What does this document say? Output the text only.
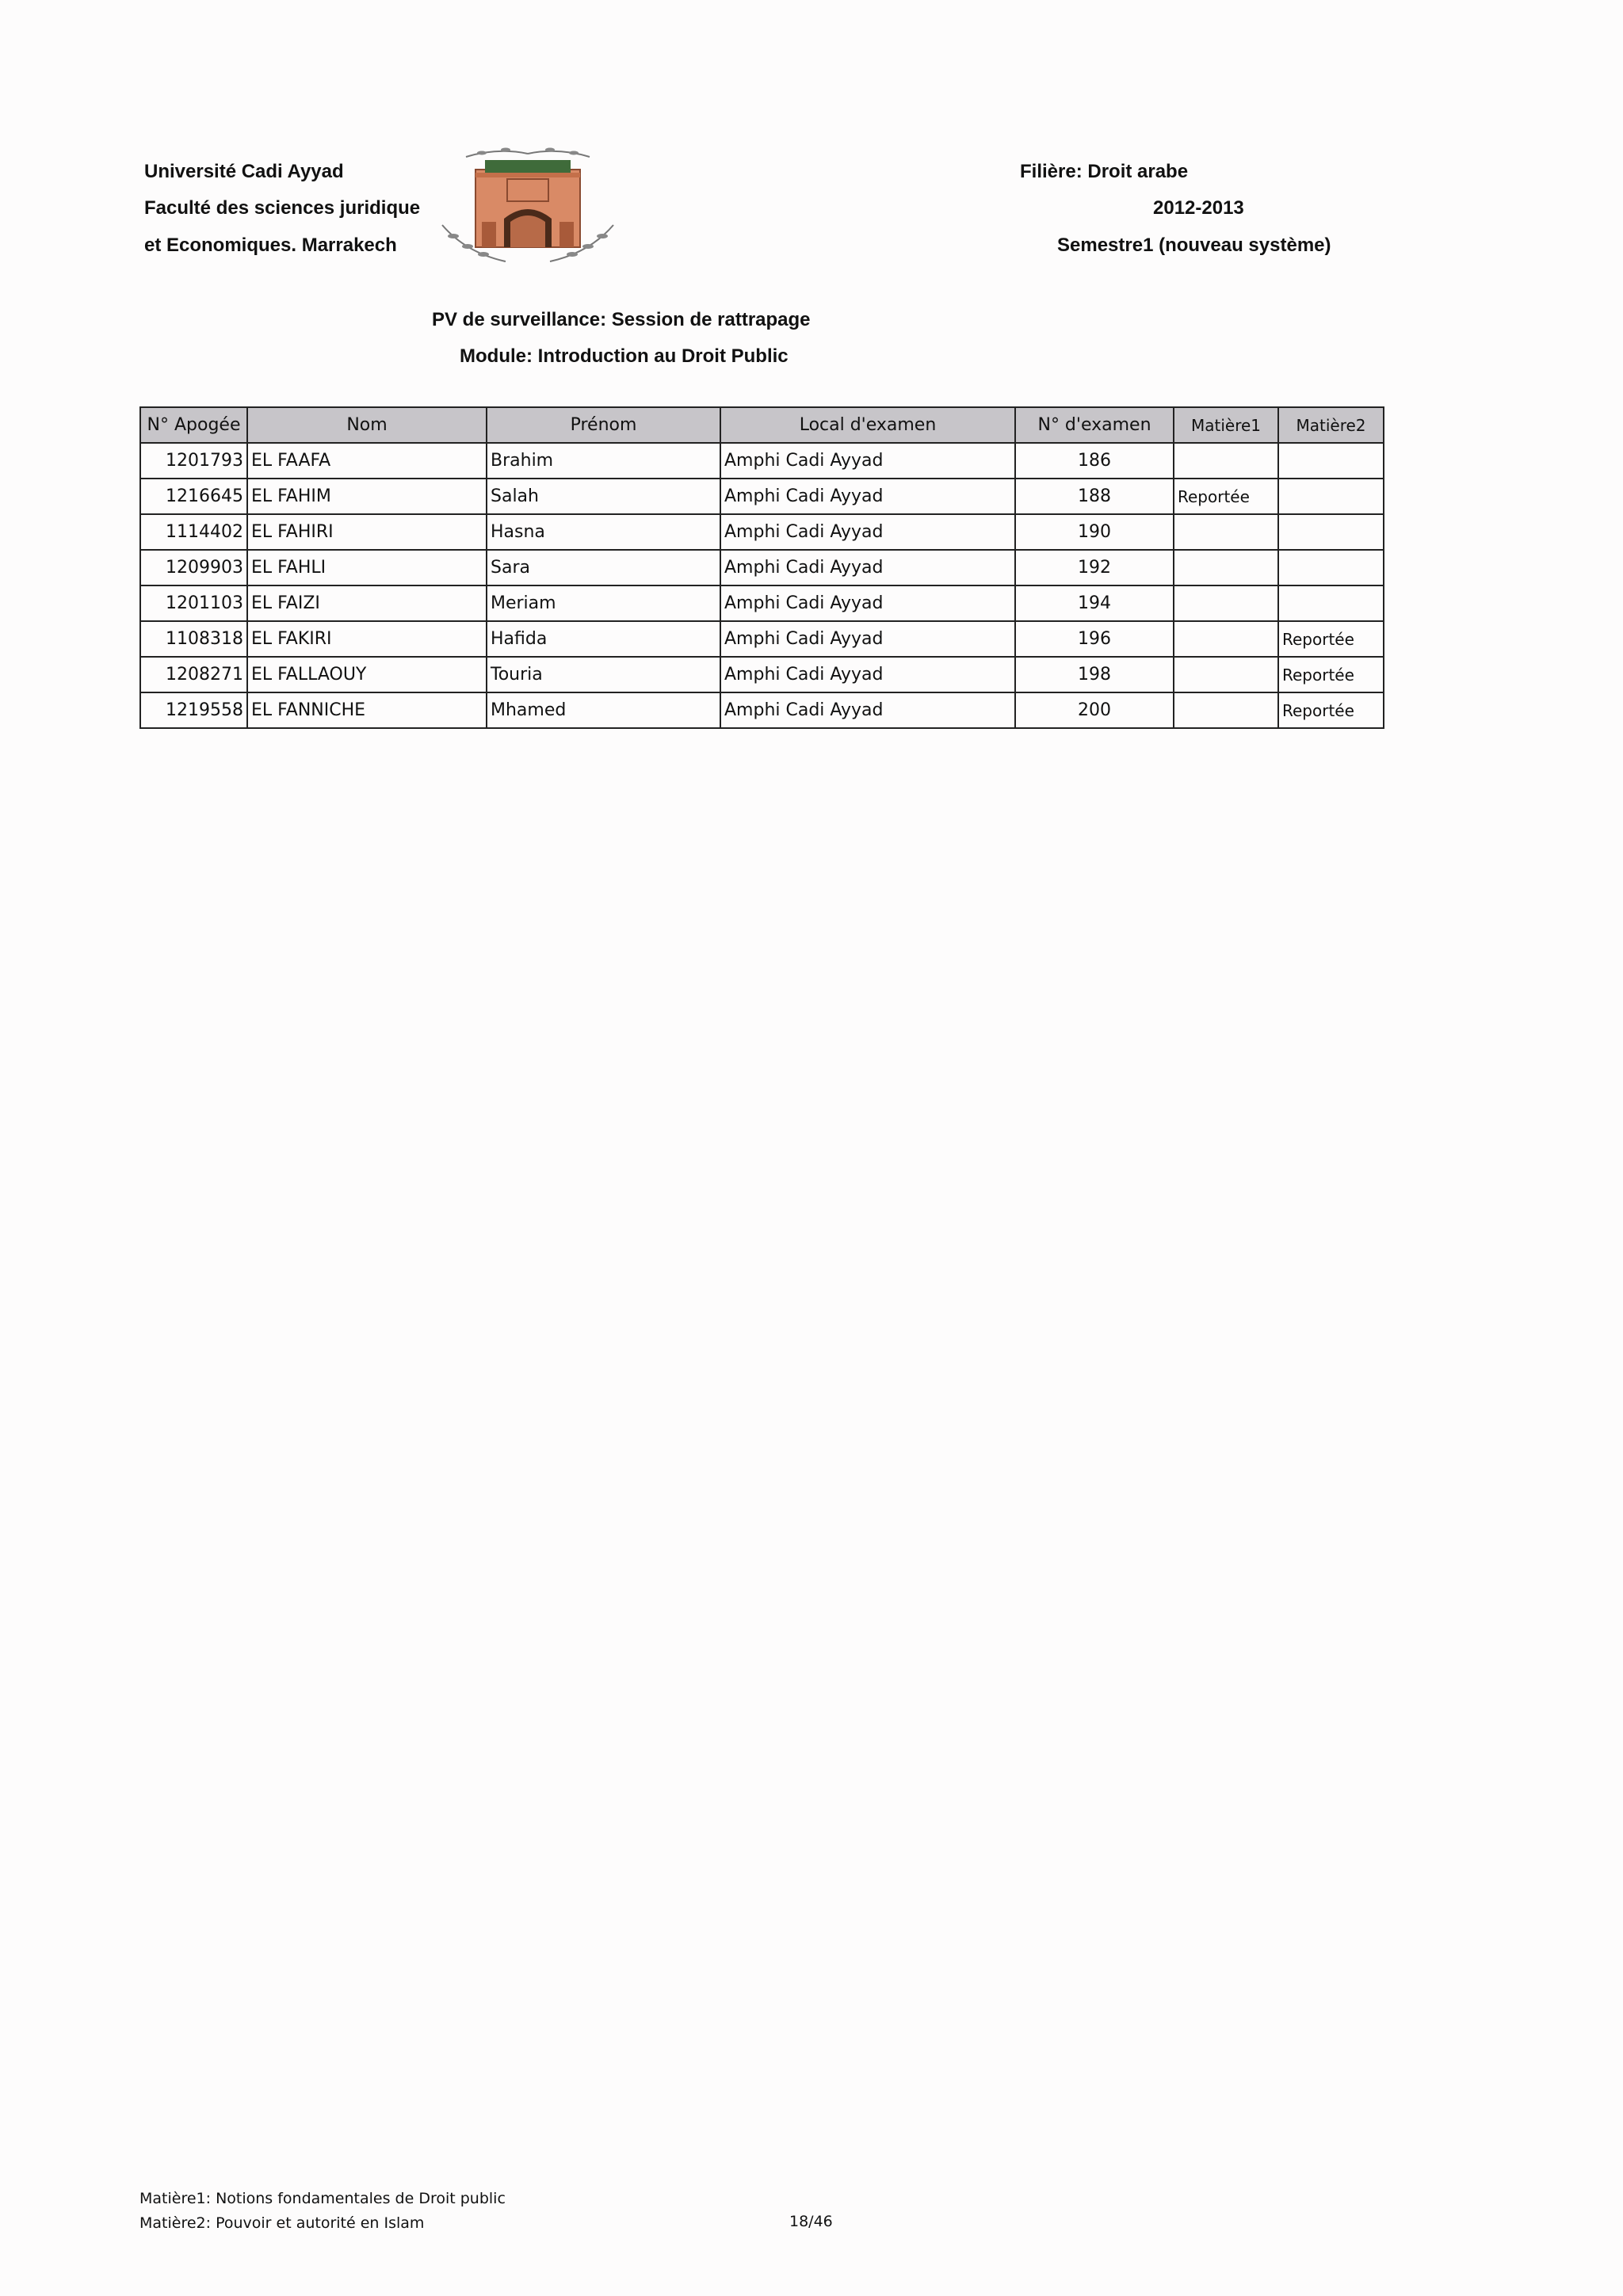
Université Cadi Ayyad
Faculté des sciences juridique
et Economiques. Marrakech
Filière: Droit arabe
2012-2013
Semestre1 (nouveau système)
PV de surveillance: Session de rattrapage
Module: Introduction au Droit Public
N° Apogée	Nom	Prénom	Local d'examen	N° d'examen	Matière1	Matière2
1201793	EL FAAFA	Brahim	Amphi Cadi Ayyad	186		
1216645	EL FAHIM	Salah	Amphi Cadi Ayyad	188	Reportée	
1114402	EL FAHIRI	Hasna	Amphi Cadi Ayyad	190		
1209903	EL FAHLI	Sara	Amphi Cadi Ayyad	192		
1201103	EL FAIZI	Meriam	Amphi Cadi Ayyad	194		
1108318	EL FAKIRI	Hafida	Amphi Cadi Ayyad	196		Reportée
1208271	EL FALLAOUY	Touria	Amphi Cadi Ayyad	198		Reportée
1219558	EL FANNICHE	Mhamed	Amphi Cadi Ayyad	200		Reportée
Matière1: Notions fondamentales de Droit public
Matière2: Pouvoir et autorité en Islam	18/46
